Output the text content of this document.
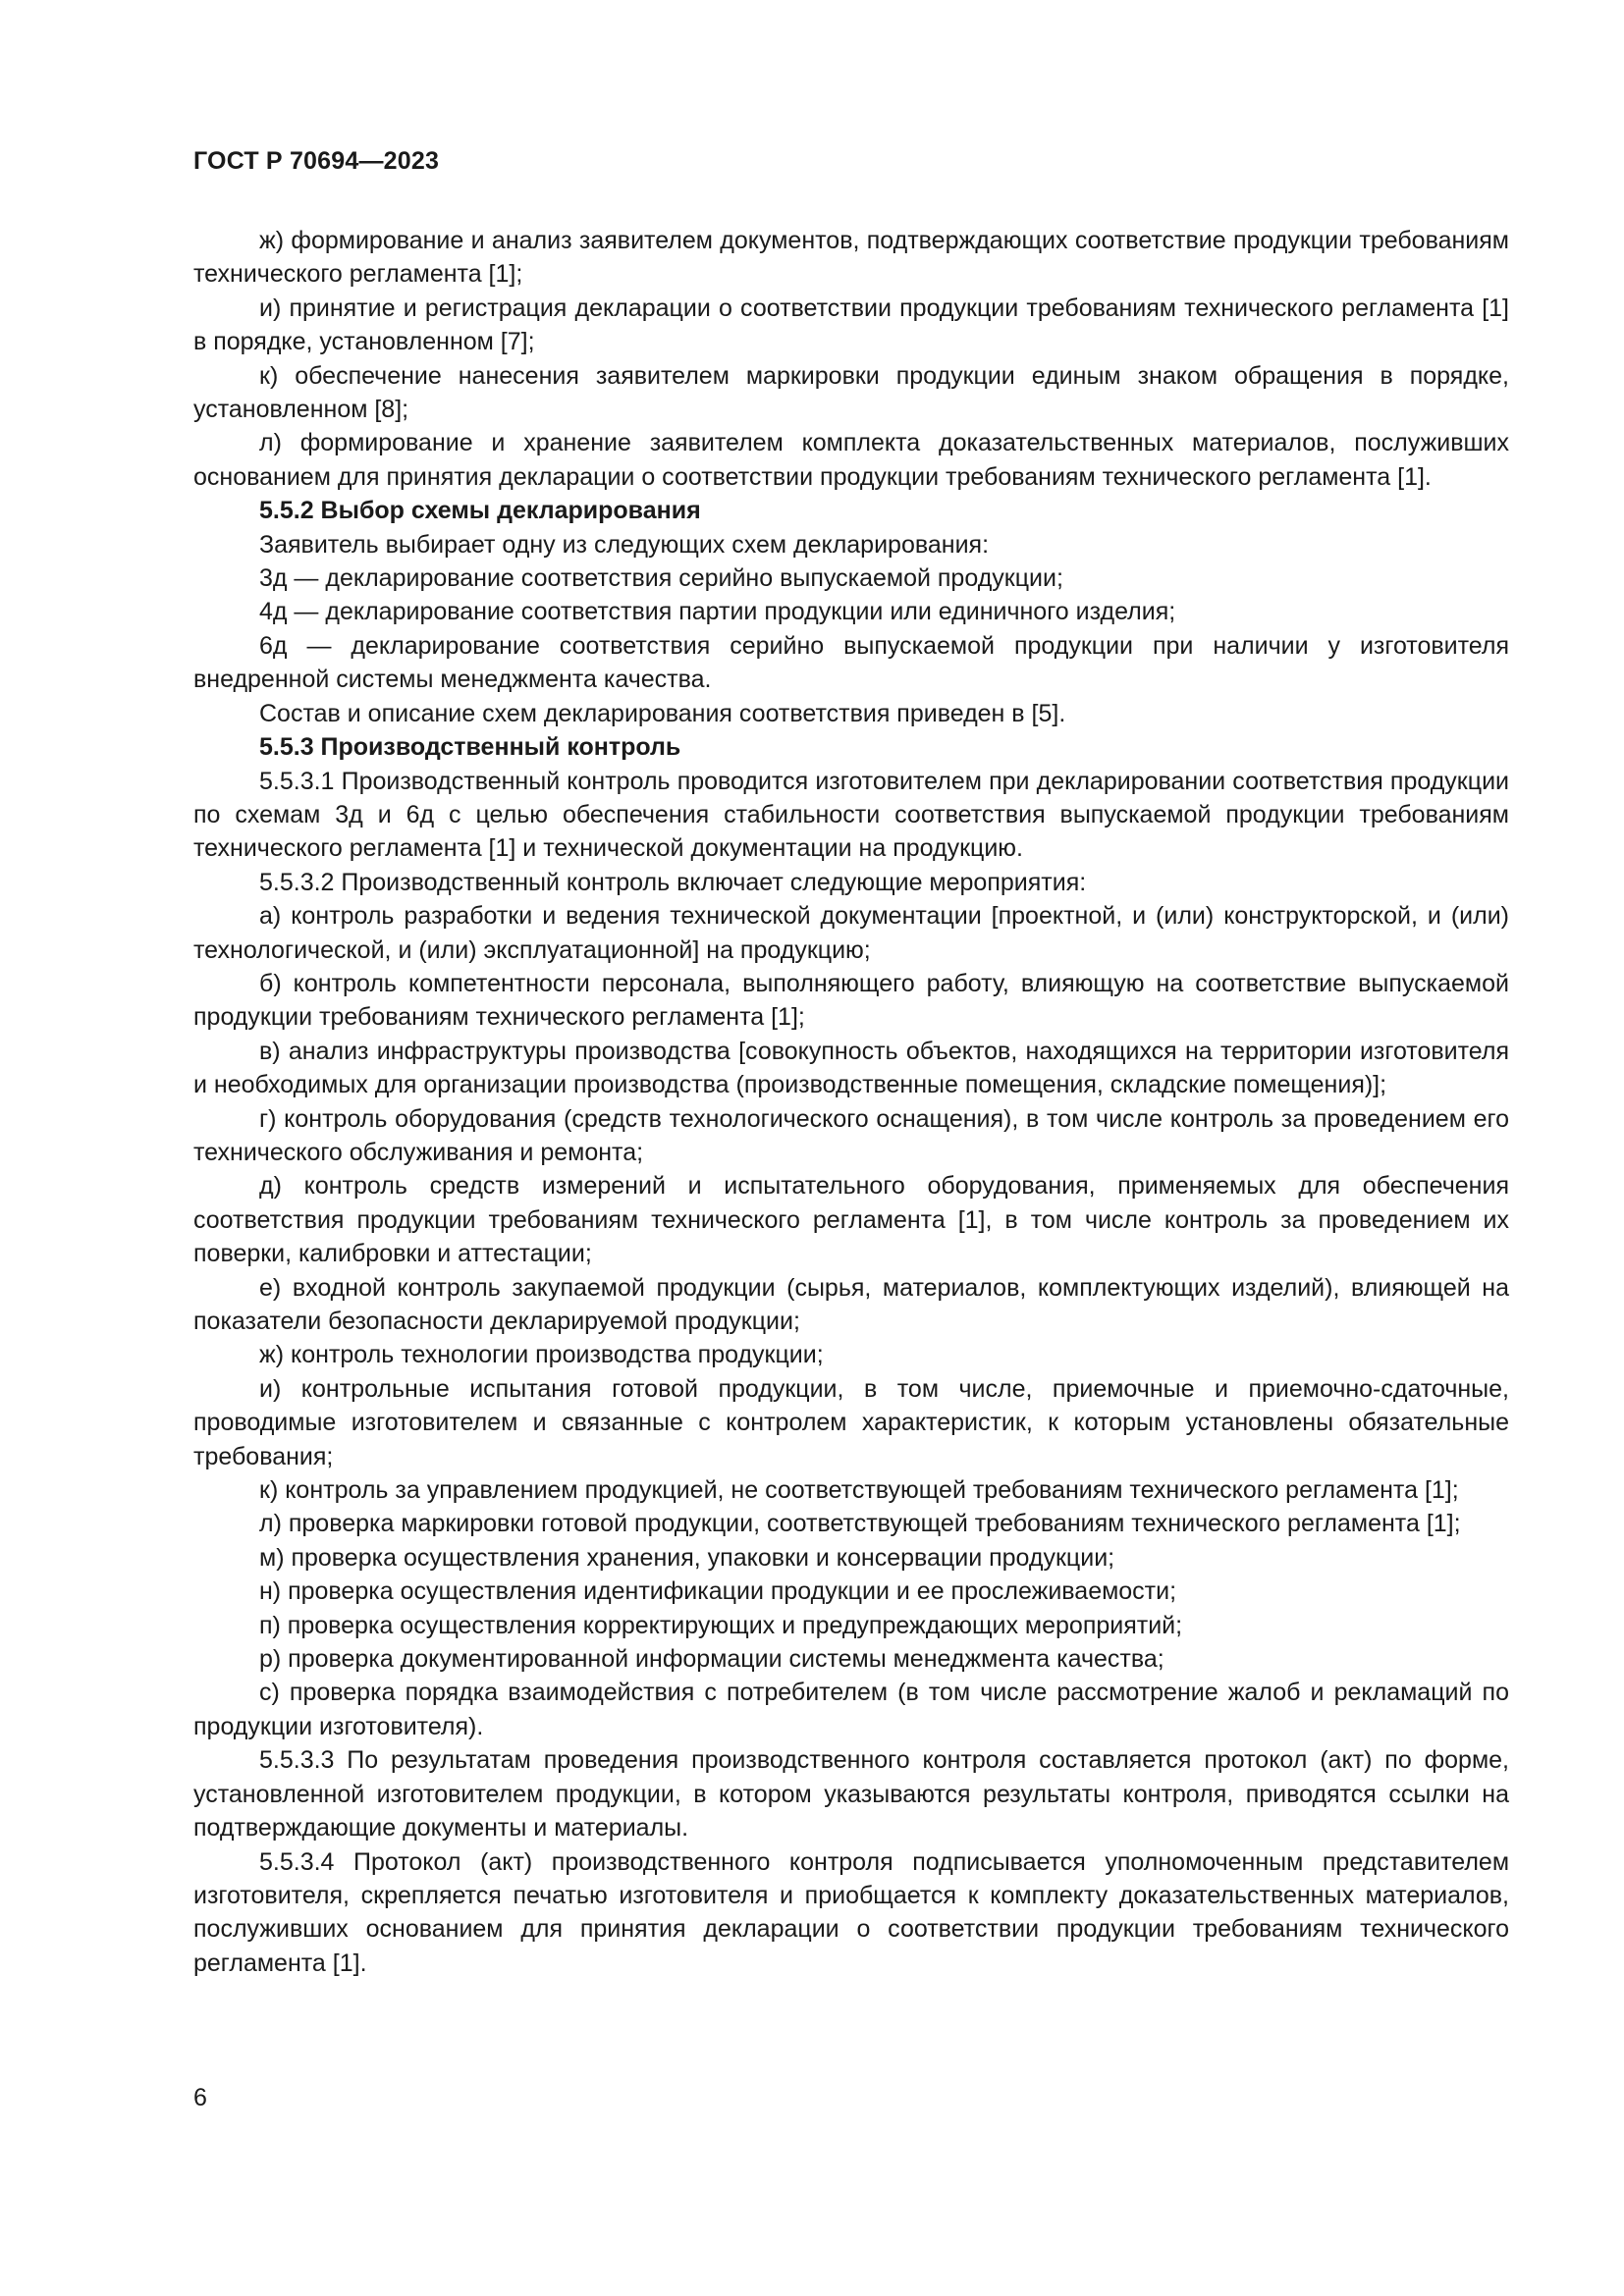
ГОСТ Р 70694—2023

ж) формирование и анализ заявителем документов, подтверждающих соответствие продукции требованиям технического регламента [1];

и) принятие и регистрация декларации о соответствии продукции требованиям технического регламента [1] в порядке, установленном [7];

к) обеспечение нанесения заявителем маркировки продукции единым знаком обращения в порядке, установленном [8];

л) формирование и хранение заявителем комплекта доказательственных материалов, послуживших основанием для принятия декларации о соответствии продукции требованиям технического регламента [1].

5.5.2 Выбор схемы декларирования

Заявитель выбирает одну из следующих схем декларирования:

3д — декларирование соответствия серийно выпускаемой продукции;

4д — декларирование соответствия партии продукции или единичного изделия;

6д — декларирование соответствия серийно выпускаемой продукции при наличии у изготовителя внедренной системы менеджмента качества.

Состав и описание схем декларирования соответствия приведен в [5].

5.5.3 Производственный контроль

5.5.3.1 Производственный контроль проводится изготовителем при декларировании соответствия продукции по схемам 3д и 6д с целью обеспечения стабильности соответствия выпускаемой продукции требованиям технического регламента [1] и технической документации на продукцию.

5.5.3.2 Производственный контроль включает следующие мероприятия:

а) контроль разработки и ведения технической документации [проектной, и (или) конструкторской, и (или) технологической, и (или) эксплуатационной] на продукцию;

б) контроль компетентности персонала, выполняющего работу, влияющую на соответствие выпускаемой продукции требованиям технического регламента [1];

в) анализ инфраструктуры производства [совокупность объектов, находящихся на территории изготовителя и необходимых для организации производства (производственные помещения, складские помещения)];

г) контроль оборудования (средств технологического оснащения), в том числе контроль за проведением его технического обслуживания и ремонта;

д) контроль средств измерений и испытательного оборудования, применяемых для обеспечения соответствия продукции требованиям технического регламента [1], в том числе контроль за проведением их поверки, калибровки и аттестации;

е) входной контроль закупаемой продукции (сырья, материалов, комплектующих изделий), влияющей на показатели безопасности декларируемой продукции;

ж) контроль технологии производства продукции;

и) контрольные испытания готовой продукции, в том числе, приемочные и приемочно-сдаточные, проводимые изготовителем и связанные с контролем характеристик, к которым установлены обязательные требования;

к) контроль за управлением продукцией, не соответствующей требованиям технического регламента [1];

л) проверка маркировки готовой продукции, соответствующей требованиям технического регламента [1];

м) проверка осуществления хранения, упаковки и консервации продукции;

н) проверка осуществления идентификации продукции и ее прослеживаемости;

п) проверка осуществления корректирующих и предупреждающих мероприятий;

р) проверка документированной информации системы менеджмента качества;

с) проверка порядка взаимодействия с потребителем (в том числе рассмотрение жалоб и рекламаций по продукции изготовителя).

5.5.3.3 По результатам проведения производственного контроля составляется протокол (акт) по форме, установленной изготовителем продукции, в котором указываются результаты контроля, приводятся ссылки на подтверждающие документы и материалы.

5.5.3.4 Протокол (акт) производственного контроля подписывается уполномоченным представителем изготовителя, скрепляется печатью изготовителя и приобщается к комплекту доказательственных материалов, послуживших основанием для принятия декларации о соответствии продукции требованиям технического регламента [1].

6
